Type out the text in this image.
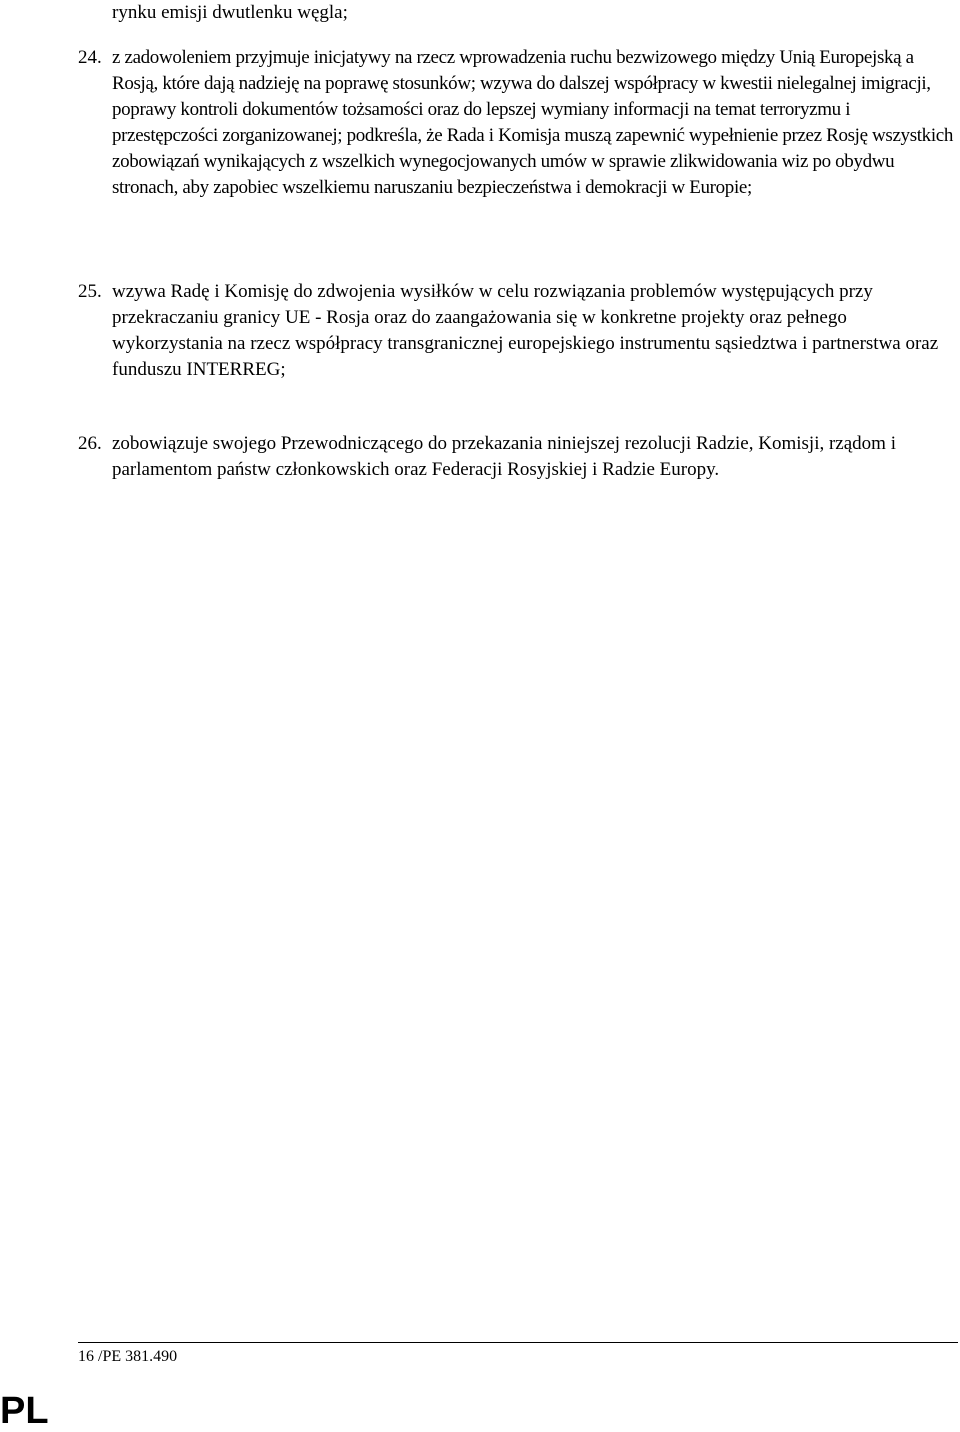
rynku emisji dwutlenku węgla;
24. z zadowoleniem przyjmuje inicjatywy na rzecz wprowadzenia ruchu bezwizowego między Unią Europejską a Rosją, które dają nadzieję na poprawę stosunków; wzywa do dalszej współpracy w kwestii nielegalnej imigracji, poprawy kontroli dokumentów tożsamości oraz do lepszej wymiany informacji na temat terroryzmu i przestępczości zorganizowanej; podkreśla, że Rada i Komisja muszą zapewnić wypełnienie przez Rosję wszystkich zobowiązań wynikających z wszelkich wynegocjowanych umów w sprawie zlikwidowania wiz po obydwu stronach, aby zapobiec wszelkiemu naruszaniu bezpieczeństwa i demokracji w Europie;
25. wzywa Radę i Komisję do zdwojenia wysiłków w celu rozwiązania problemów występujących przy przekraczaniu granicy UE - Rosja oraz do zaangażowania się w konkretne projekty oraz pełnego wykorzystania na rzecz współpracy transgranicznej europejskiego instrumentu sąsiedztwa i partnerstwa oraz funduszu INTERREG;
26. zobowiązuje swojego Przewodniczącego do przekazania niniejszej rezolucji Radzie, Komisji, rządom i parlamentom państw członkowskich oraz Federacji Rosyjskiej i Radzie Europy.
16 /PE 381.490
PL
